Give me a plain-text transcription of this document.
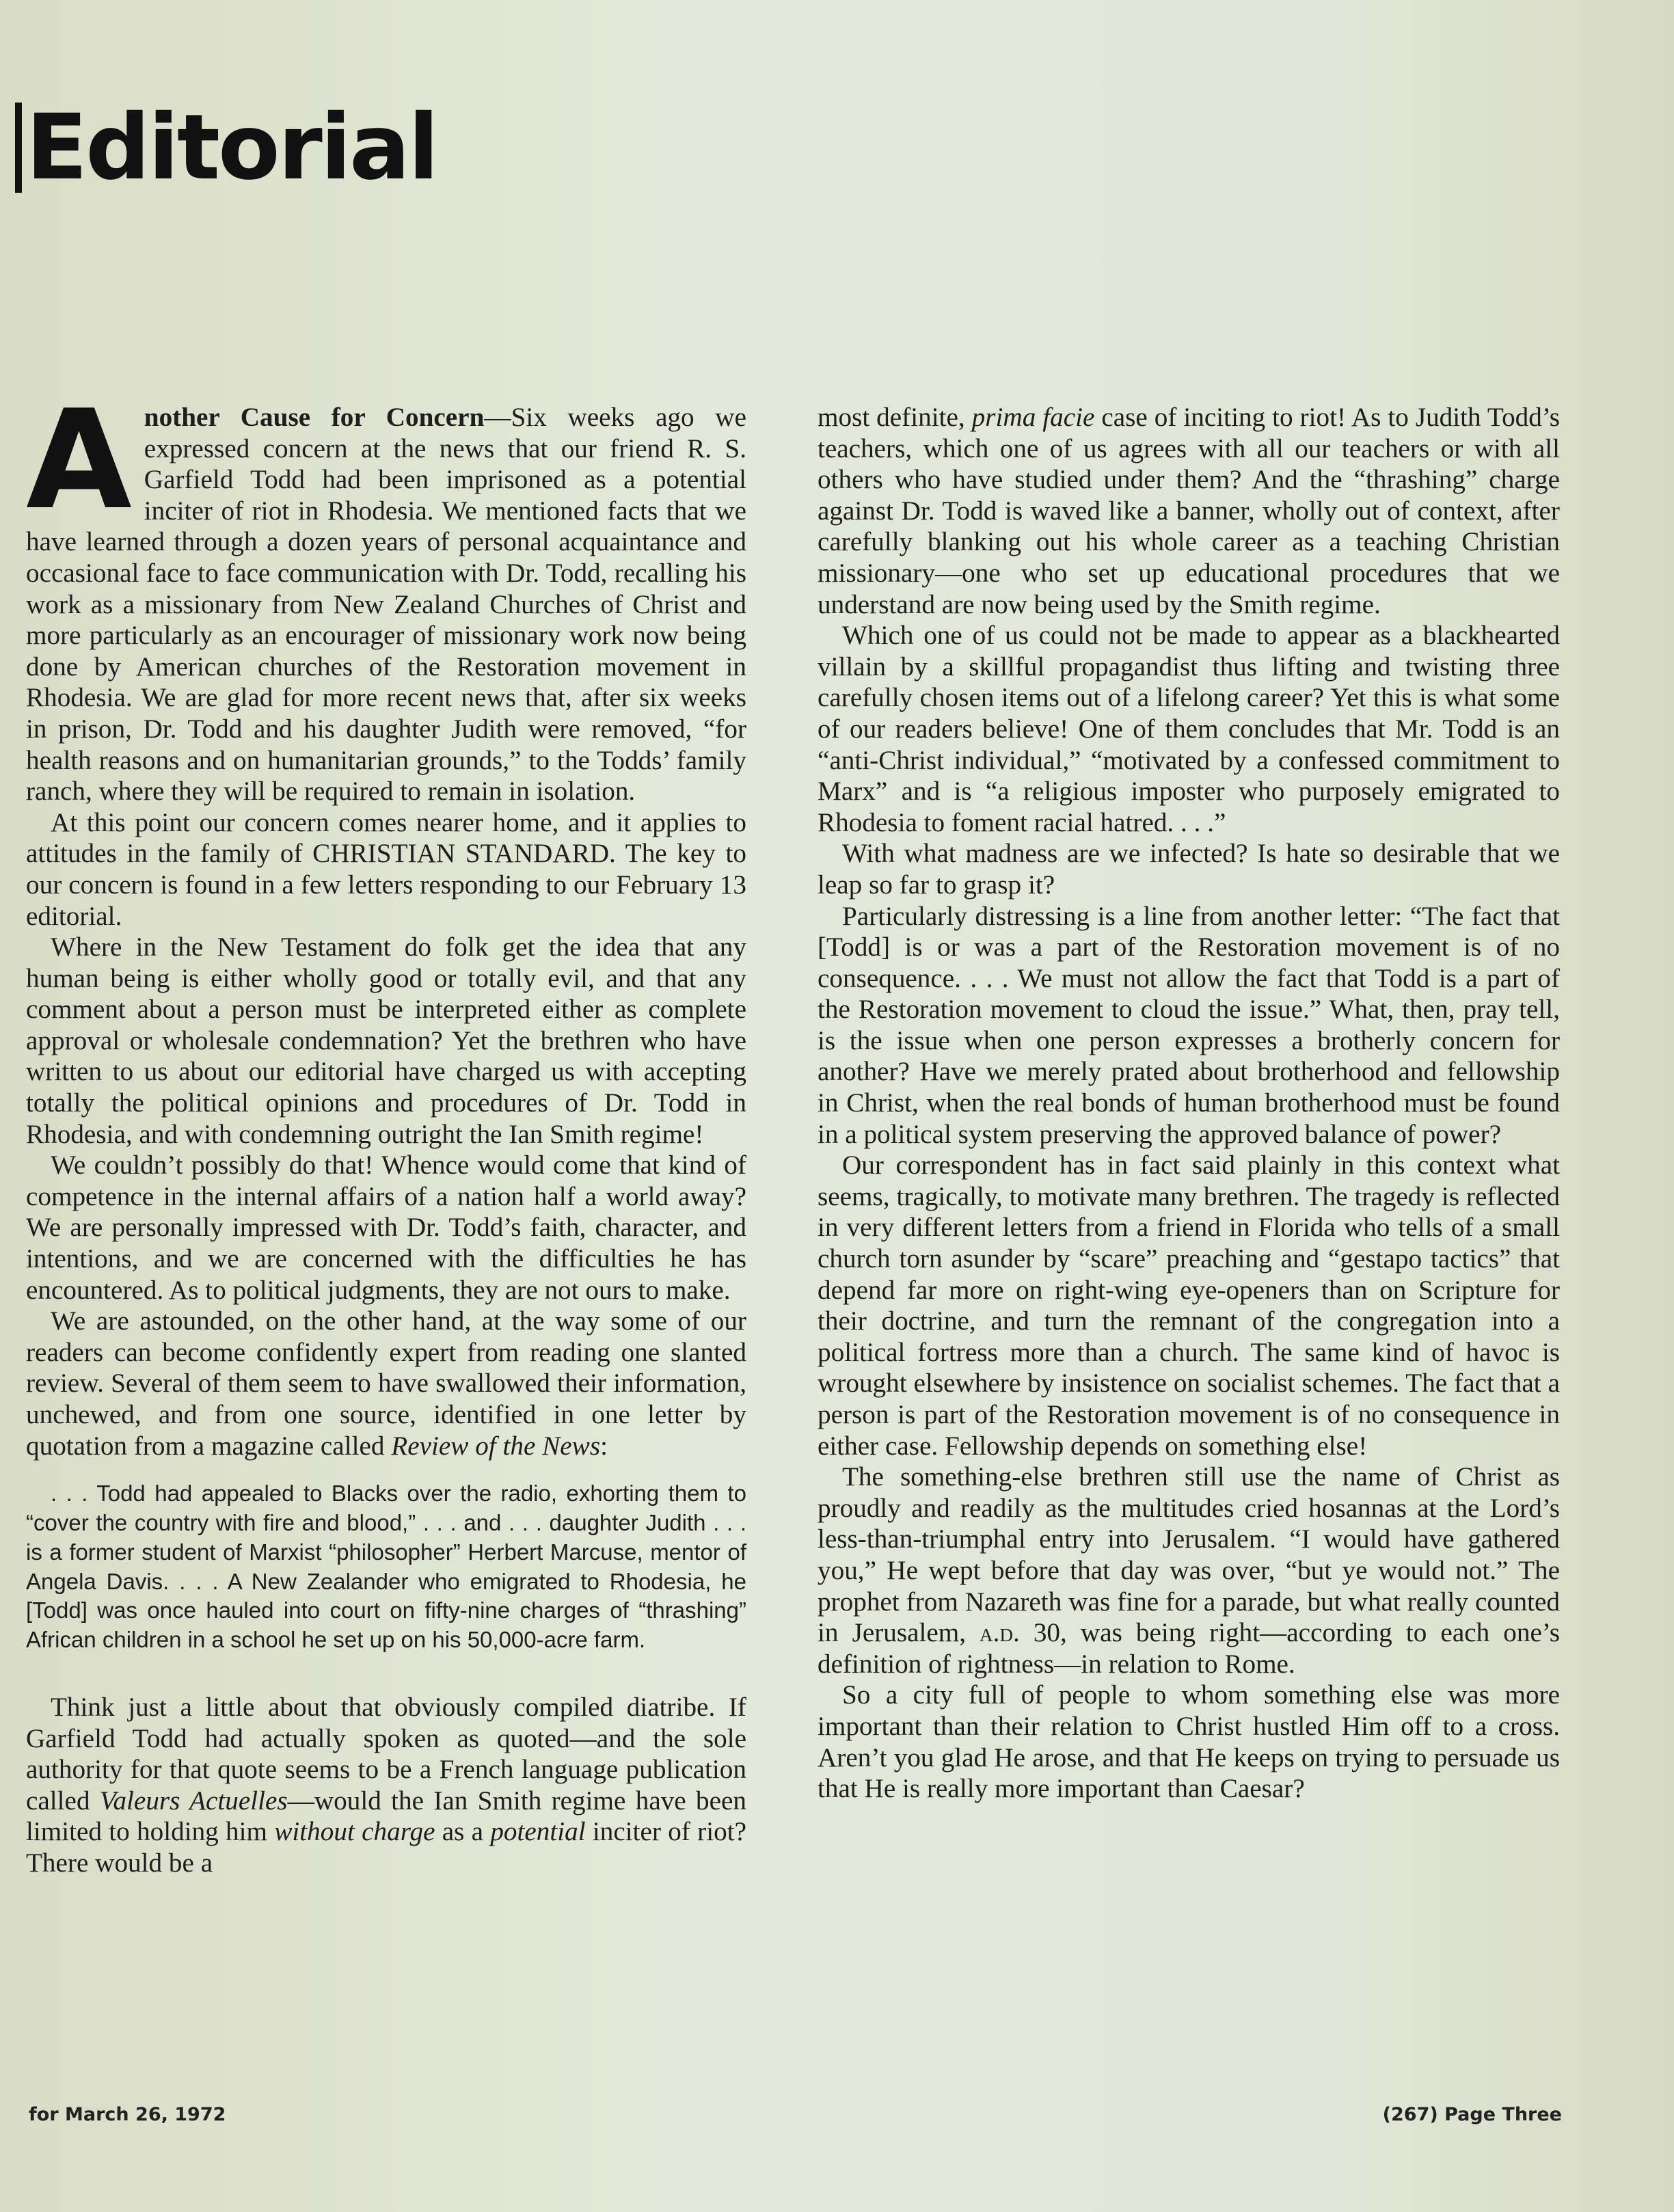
Editorial

Another Cause for Concern—Six weeks ago we expressed concern at the news that our friend R. S. Garfield Todd had been imprisoned as a potential inciter of riot in Rhodesia. We mentioned facts that we have learned through a dozen years of personal acquaintance and occasional face to face communication with Dr. Todd, recalling his work as a missionary from New Zealand Churches of Christ and more particularly as an encourager of missionary work now being done by American churches of the Restoration movement in Rhodesia. We are glad for more recent news that, after six weeks in prison, Dr. Todd and his daughter Judith were removed, “for health reasons and on humanitarian grounds,” to the Todds’ family ranch, where they will be required to remain in isolation.

At this point our concern comes nearer home, and it applies to attitudes in the family of CHRISTIAN STANDARD. The key to our concern is found in a few letters responding to our February 13 editorial.

Where in the New Testament do folk get the idea that any human being is either wholly good or totally evil, and that any comment about a person must be interpreted either as complete approval or wholesale condemnation? Yet the brethren who have written to us about our editorial have charged us with accepting totally the political opinions and procedures of Dr. Todd in Rhodesia, and with condemning outright the Ian Smith regime!

We couldn’t possibly do that! Whence would come that kind of competence in the internal affairs of a nation half a world away? We are personally impressed with Dr. Todd’s faith, character, and intentions, and we are concerned with the difficulties he has encountered. As to political judgments, they are not ours to make.

We are astounded, on the other hand, at the way some of our readers can become confidently expert from reading one slanted review. Several of them seem to have swallowed their information, unchewed, and from one source, identified in one letter by quotation from a magazine called Review of the News:

. . . Todd had appealed to Blacks over the radio, exhorting them to “cover the country with fire and blood,” . . . and . . . daughter Judith . . . is a former student of Marxist “philosopher” Herbert Marcuse, mentor of Angela Davis. . . . A New Zealander who emigrated to Rhodesia, he [Todd] was once hauled into court on fifty-nine charges of “thrashing” African children in a school he set up on his 50,000-acre farm.

Think just a little about that obviously compiled diatribe. If Garfield Todd had actually spoken as quoted—and the sole authority for that quote seems to be a French language publication called Valeurs Actuelles—would the Ian Smith regime have been limited to holding him without charge as a potential inciter of riot? There would be a

most definite, prima facie case of inciting to riot! As to Judith Todd’s teachers, which one of us agrees with all our teachers or with all others who have studied under them? And the “thrashing” charge against Dr. Todd is waved like a banner, wholly out of context, after carefully blanking out his whole career as a teaching Christian missionary—one who set up educational procedures that we understand are now being used by the Smith regime.

Which one of us could not be made to appear as a blackhearted villain by a skillful propagandist thus lifting and twisting three carefully chosen items out of a lifelong career? Yet this is what some of our readers believe! One of them concludes that Mr. Todd is an “anti-Christ individual,” “motivated by a confessed commitment to Marx” and is “a religious imposter who purposely emigrated to Rhodesia to foment racial hatred. . . .”

With what madness are we infected? Is hate so desirable that we leap so far to grasp it?

Particularly distressing is a line from another letter: “The fact that [Todd] is or was a part of the Restoration movement is of no consequence. . . . We must not allow the fact that Todd is a part of the Restoration movement to cloud the issue.” What, then, pray tell, is the issue when one person expresses a brotherly concern for another? Have we merely prated about brotherhood and fellowship in Christ, when the real bonds of human brotherhood must be found in a political system preserving the approved balance of power?

Our correspondent has in fact said plainly in this context what seems, tragically, to motivate many brethren. The tragedy is reflected in very different letters from a friend in Florida who tells of a small church torn asunder by “scare” preaching and “gestapo tactics” that depend far more on right-wing eye-openers than on Scripture for their doctrine, and turn the remnant of the congregation into a political fortress more than a church. The same kind of havoc is wrought elsewhere by insistence on socialist schemes. The fact that a person is part of the Restoration movement is of no consequence in either case. Fellowship depends on something else!

The something-else brethren still use the name of Christ as proudly and readily as the multitudes cried hosannas at the Lord’s less-than-triumphal entry into Jerusalem. “I would have gathered you,” He wept before that day was over, “but ye would not.” The prophet from Nazareth was fine for a parade, but what really counted in Jerusalem, a.d. 30, was being right—according to each one’s definition of rightness—in relation to Rome.

So a city full of people to whom something else was more important than their relation to Christ hustled Him off to a cross. Aren’t you glad He arose, and that He keeps on trying to persuade us that He is really more important than Caesar?

for March 26, 1972	(267) Page Three
